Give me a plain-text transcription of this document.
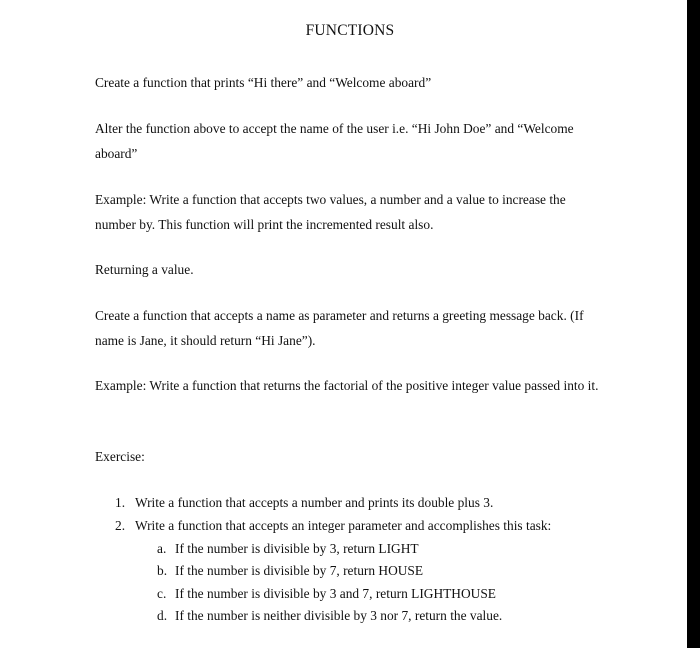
FUNCTIONS
Create a function that prints “Hi there” and “Welcome aboard”
Alter the function above to accept the name of the user i.e. “Hi John Doe” and “Welcome aboard”
Example: Write a function that accepts two values, a number and a value to increase the number by. This function will print the incremented result also.
Returning a value.
Create a function that accepts a name as parameter and returns a greeting message back. (If name is Jane, it should return “Hi Jane”).
Example: Write a function that returns the factorial of the positive integer value passed into it.
Exercise:
1. Write a function that accepts a number and prints its double plus 3.
2. Write a function that accepts an integer parameter and accomplishes this task:
a. If the number is divisible by 3, return LIGHT
b. If the number is divisible by 7, return HOUSE
c. If the number is divisible by 3 and 7, return LIGHTHOUSE
d. If the number is neither divisible by 3 nor 7, return the value.
